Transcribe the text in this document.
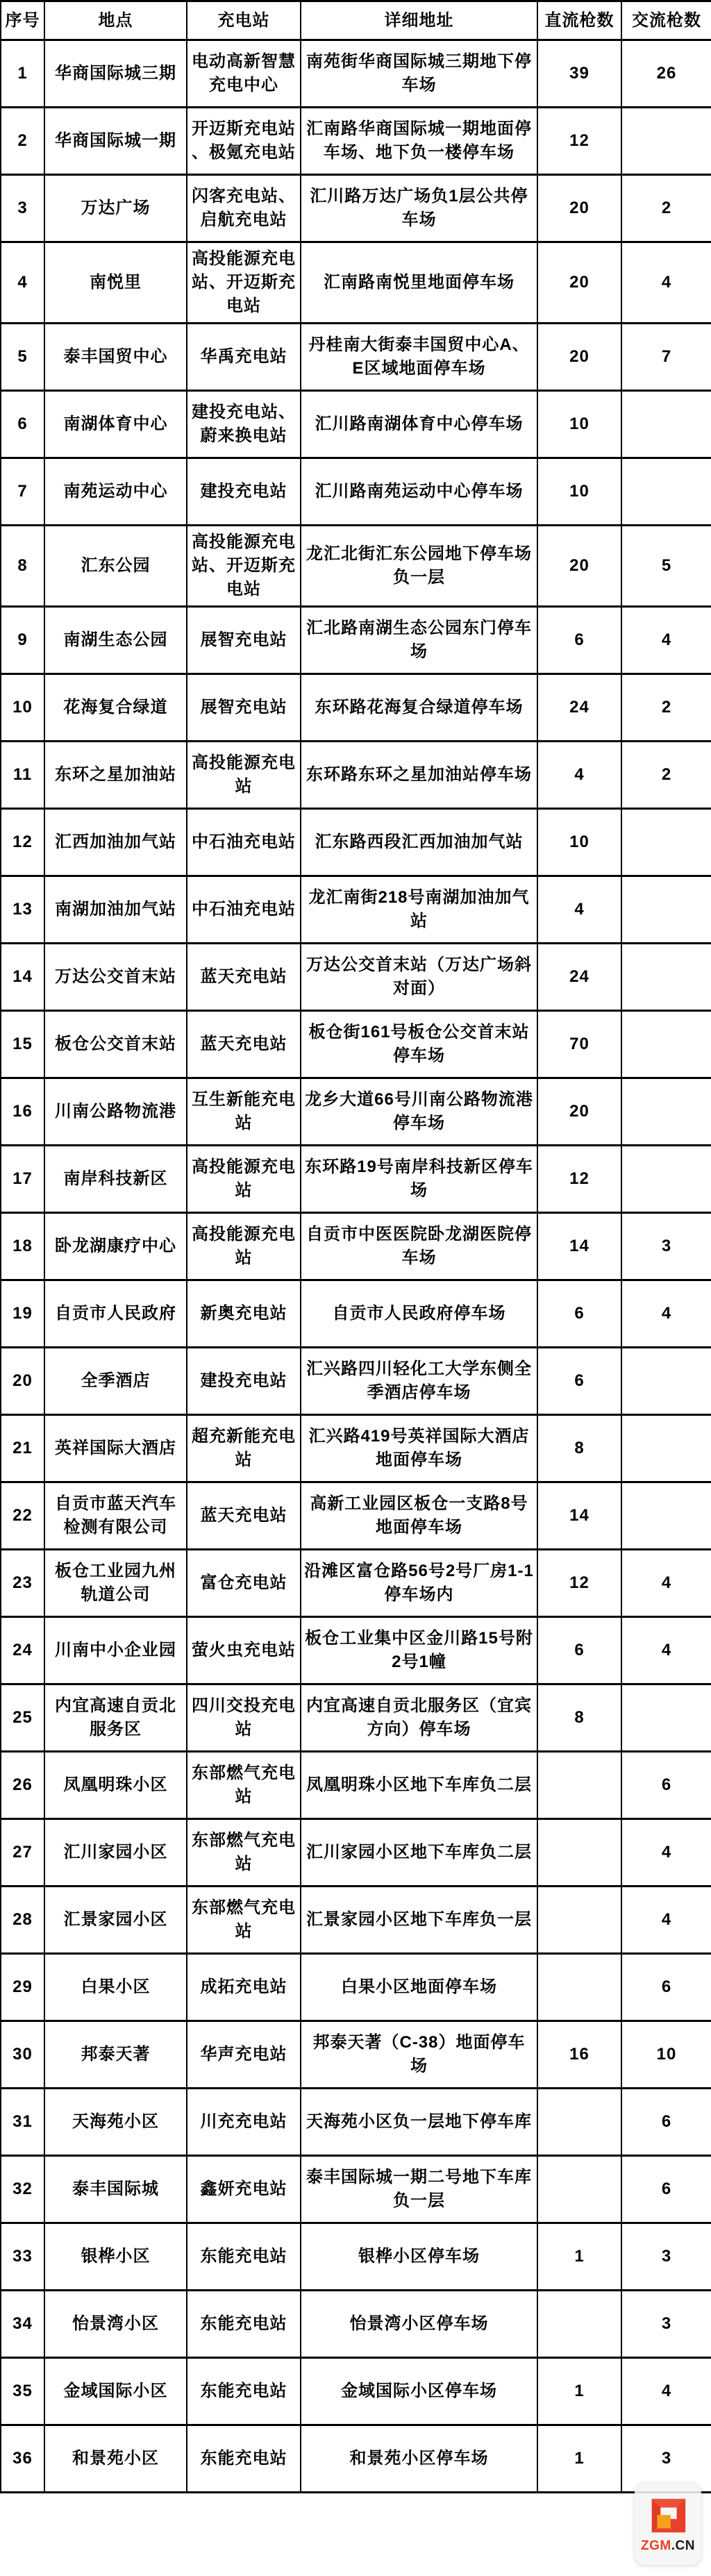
序号	地点	充电站	详细地址	直流枪数	交流枪数
1	华商国际城三期	电动高新智慧充电中心	南苑街华商国际城三期地下停车场	39	26
2	华商国际城一期	开迈斯充电站、极氪充电站	汇南路华商国际城一期地面停车场、地下负一楼停车场	12	
3	万达广场	闪客充电站、启航充电站	汇川路万达广场负1层公共停车场	20	2
4	南悦里	高投能源充电站、开迈斯充电站	汇南路南悦里地面停车场	20	4
5	泰丰国贸中心	华禹充电站	丹桂南大街泰丰国贸中心A、E区域地面停车场	20	7
6	南湖体育中心	建投充电站、蔚来换电站	汇川路南湖体育中心停车场	10	
7	南苑运动中心	建投充电站	汇川路南苑运动中心停车场	10	
8	汇东公园	高投能源充电站、开迈斯充电站	龙汇北街汇东公园地下停车场负一层	20	5
9	南湖生态公园	展智充电站	汇北路南湖生态公园东门停车场	6	4
10	花海复合绿道	展智充电站	东环路花海复合绿道停车场	24	2
11	东环之星加油站	高投能源充电站	东环路东环之星加油站停车场	4	2
12	汇西加油加气站	中石油充电站	汇东路西段汇西加油加气站	10	
13	南湖加油加气站	中石油充电站	龙汇南街218号南湖加油加气站	4	
14	万达公交首末站	蓝天充电站	万达公交首末站（万达广场斜对面）	24	
15	板仓公交首末站	蓝天充电站	板仓街161号板仓公交首末站停车场	70	
16	川南公路物流港	互生新能充电站	龙乡大道66号川南公路物流港停车场	20	
17	南岸科技新区	高投能源充电站	东环路19号南岸科技新区停车场	12	
18	卧龙湖康疗中心	高投能源充电站	自贡市中医医院卧龙湖医院停车场	14	3
19	自贡市人民政府	新奥充电站	自贡市人民政府停车场	6	4
20	全季酒店	建投充电站	汇兴路四川轻化工大学东侧全季酒店停车场	6	
21	英祥国际大酒店	超充新能充电站	汇兴路419号英祥国际大酒店地面停车场	8	
22	自贡市蓝天汽车检测有限公司	蓝天充电站	高新工业园区板仓一支路8号地面停车场	14	
23	板仓工业园九州轨道公司	富仓充电站	沿滩区富仓路56号2号厂房1-1停车场内	12	4
24	川南中小企业园	萤火虫充电站	板仓工业集中区金川路15号附2号1幢	6	4
25	内宜高速自贡北服务区	四川交投充电站	内宜高速自贡北服务区（宜宾方向）停车场	8	
26	凤凰明珠小区	东部燃气充电站	凤凰明珠小区地下车库负二层		6
27	汇川家园小区	东部燃气充电站	汇川家园小区地下车库负二层		4
28	汇景家园小区	东部燃气充电站	汇景家园小区地下车库负一层		4
29	白果小区	成拓充电站	白果小区地面停车场		6
30	邦泰天著	华声充电站	邦泰天著（C-38）地面停车场	16	10
31	天海苑小区	川充充电站	天海苑小区负一层地下停车库		6
32	泰丰国际城	鑫妍充电站	泰丰国际城一期二号地下车库负一层		6
33	银桦小区	东能充电站	银桦小区停车场	1	3
34	怡景湾小区	东能充电站	怡景湾小区停车场		3
35	金域国际小区	东能充电站	金域国际小区停车场	1	4
36	和景苑小区	东能充电站	和景苑小区停车场	1	3
ZGM.CN
